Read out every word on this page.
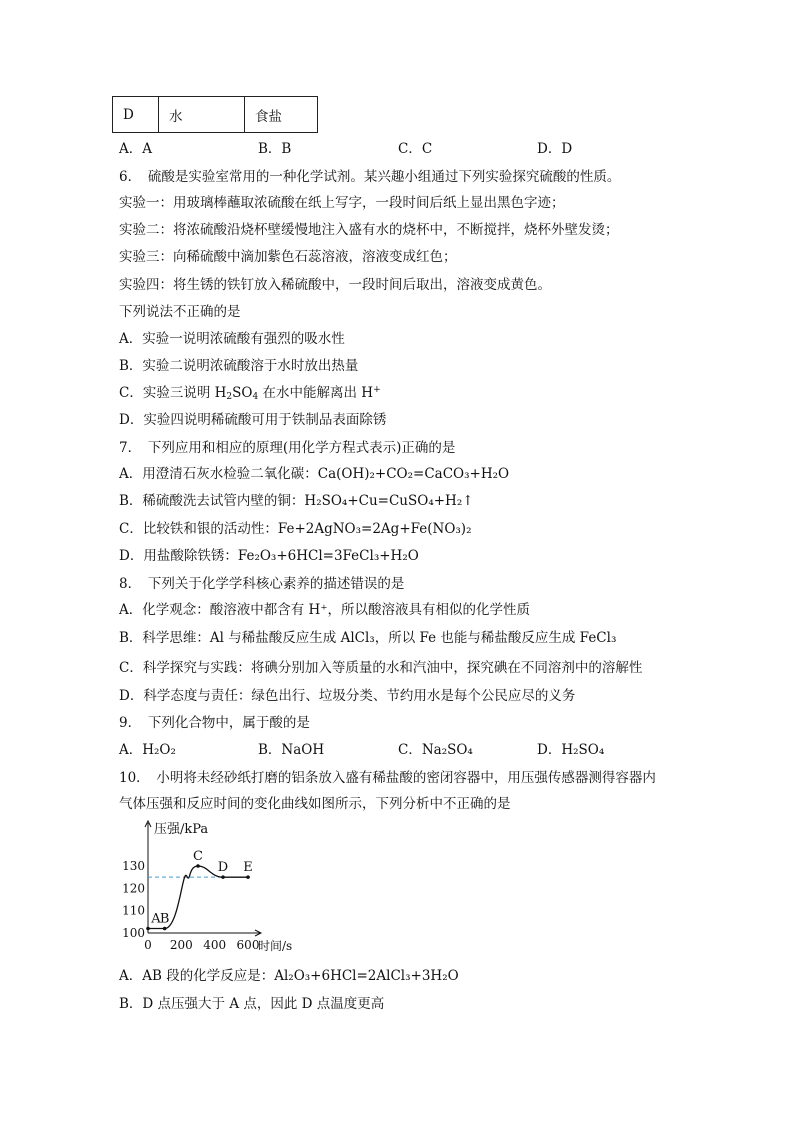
D	水	食盐
A．A	B．B	C．C	D．D
6．　硫酸是实验室常用的一种化学试剂。某兴趣小组通过下列实验探究硫酸的性质。
实验一：用玻璃棒蘸取浓硫酸在纸上写字，一段时间后纸上显出黑色字迹；
实验二：将浓硫酸沿烧杯壁缓慢地注入盛有水的烧杯中，不断搅拌，烧杯外壁发烫；
实验三：向稀硫酸中滴加紫色石蕊溶液，溶液变成红色；
实验四：将生锈的铁钉放入稀硫酸中，一段时间后取出，溶液变成黄色。
下列说法不正确的是
A．实验一说明浓硫酸有强烈的吸水性
B．实验二说明浓硫酸溶于水时放出热量
C．实验三说明 $H_2SO_4$ 在水中能解离出 H+
D．实验四说明稀硫酸可用于铁制品表面除锈
7．　下列应用和相应的原理(用化学方程式表示)正确的是
A．用澄清石灰水检验二氧化碳：Ca(OH)₂+CO₂=CaCO₃+H₂O
B．稀硫酸洗去试管内壁的铜：H₂SO₄+Cu=CuSO₄+H₂↑
C．比较铁和银的活动性：Fe+2AgNO₃=2Ag+Fe(NO₃)₂
D．用盐酸除铁锈：Fe₂O₃+6HCl=3FeCl₃+H₂O
8．　下列关于化学学科核心素养的描述错误的是
A．化学观念：酸溶液中都含有 H⁺，所以酸溶液具有相似的化学性质
B．科学思维：Al 与稀盐酸反应生成 AlCl₃，所以 Fe 也能与稀盐酸反应生成 FeCl₃
C．科学探究与实践：将碘分别加入等质量的水和汽油中，探究碘在不同溶剂中的溶解性
D．科学态度与责任：绿色出行、垃圾分类、节约用水是每个公民应尽的义务
9．　下列化合物中，属于酸的是
A．H₂O₂	B．NaOH	C．Na₂SO₄	D．H₂SO₄
10．　小明将未经砂纸打磨的铝条放入盛有稀盐酸的密闭容器中，用压强传感器测得容器内
气体压强和反应时间的变化曲线如图所示，下列分析中不正确的是
100
110
120
130
0 200 400 600
压强/kPa
时间/s
A B
C
D E
A．AB 段的化学反应是：Al₂O₃+6HCl=2AlCl₃+3H₂O
B．D 点压强大于 A 点，因此 D 点温度更高
